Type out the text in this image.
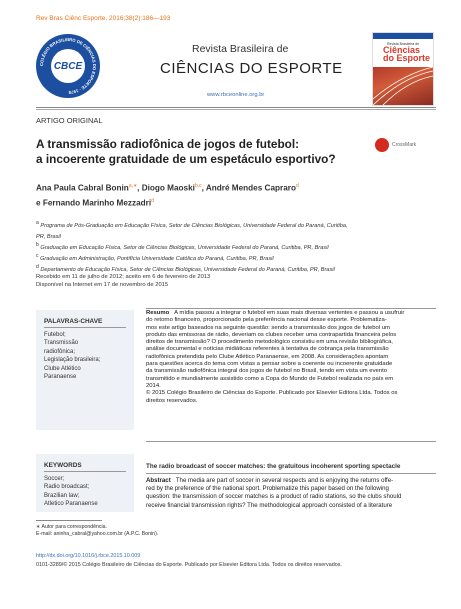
Rev Bras Ciênc Esporte. 2016;38(2):186—193
COLÉGIO BRASILEIRO DE CIÊNCIAS DO ESPORTE · 1978
CBCE
Revista Brasileira de
CIÊNCIAS DO ESPORTE
www.rbceonline.org.br
Revista Brasileira de
Ciências
do Esporte
ARTIGO ORIGINAL
A transmissão radiofônica de jogos de futebol:
a incoerente gratuidade de um espetáculo esportivo?
CrossMark
Ana Paula Cabral Bonin$^{a,∗}$, Diogo Maoski$^{b,c}$, André Mendes Capraro$^d$
e Fernando Marinho Mezzadri$^d$
$^a$ Programa de Pós-Graduação em Educação Física, Setor de Ciências Biológicas, Universidade Federal do Paraná, Curitiba,
PR, Brasil
$^b$ Graduação em Educação Física, Setor de Ciências Biológicas, Universidade Federal do Paraná, Curitiba, PR, Brasil
$^c$ Graduação em Administração, Pontifícia Universidade Católica do Paraná, Curitiba, PR, Brasil
$^d$ Departamento de Educação Física, Setor de Ciências Biológicas, Universidade Federal do Paraná, Curitiba, PR, Brasil
Recebido em 11 de julho de 2012; aceito em 6 de fevereiro de 2013
Disponível na Internet em 17 de novembro de 2015
PALAVRAS-CHAVE
Futebol;
Transmissão
radiofônica;
Legislação brasileira;
Clube Atlético
Paranaense
Resumo A mídia passou a integrar o futebol em suas mais diversas vertentes e passou a usufruir
do retorno financeiro, proporcionado pela preferência nacional desse esporte. Problematiza-
mos este artigo baseados na seguinte questão: sendo a transmissão dos jogos de futebol um
produto das emissoras de rádio, deveriam os clubes receber uma contrapartida financeira pelos
direitos de transmissão? O procedimento metodológico consistiu em uma revisão bibliográfica,
análise documental e notícias midiáticas referentes à tentativa de cobrança pela transmissão
radiofônica pretendida pelo Clube Atlético Paranaense, em 2008. As considerações apontam
para questões acerca do tema com vistas a pensar sobre a coerente ou incoerente gratuidade
da transmissão radiofônica integral dos jogos de futebol no Brasil, tendo em vista um evento
transmitido e mundialmente assistido como a Copa do Mundo de Futebol realizada no país em
2014.
© 2015 Colégio Brasileiro de Ciências do Esporte. Publicado por Elsevier Editora Ltda. Todos os
direitos reservados.
KEYWORDS
Soccer;
Radio broadcast;
Brazilian law;
Atletico Paranaense
The radio broadcast of soccer matches: the gratuitous incoherent sporting spectacle
Abstract The media are part of soccer in several respects and is enjoying the returns offe-
red by the preference of the national sport. Problematize this paper based on the following
question: the transmission of soccer matches is a product of radio stations, so the clubs should
receive financial transmission rights? The methodological approach consisted of a literature
∗ Autor para correspondência.
E-mail: aninha_cabral@yahoo.com.br (A.P.C. Bonin).
http://dx.doi.org/10.1016/j.rbce.2015.10.009
0101-3289/© 2015 Colégio Brasileiro de Ciências do Esporte. Publicado por Elsevier Editora Ltda. Todos os direitos reservados.
